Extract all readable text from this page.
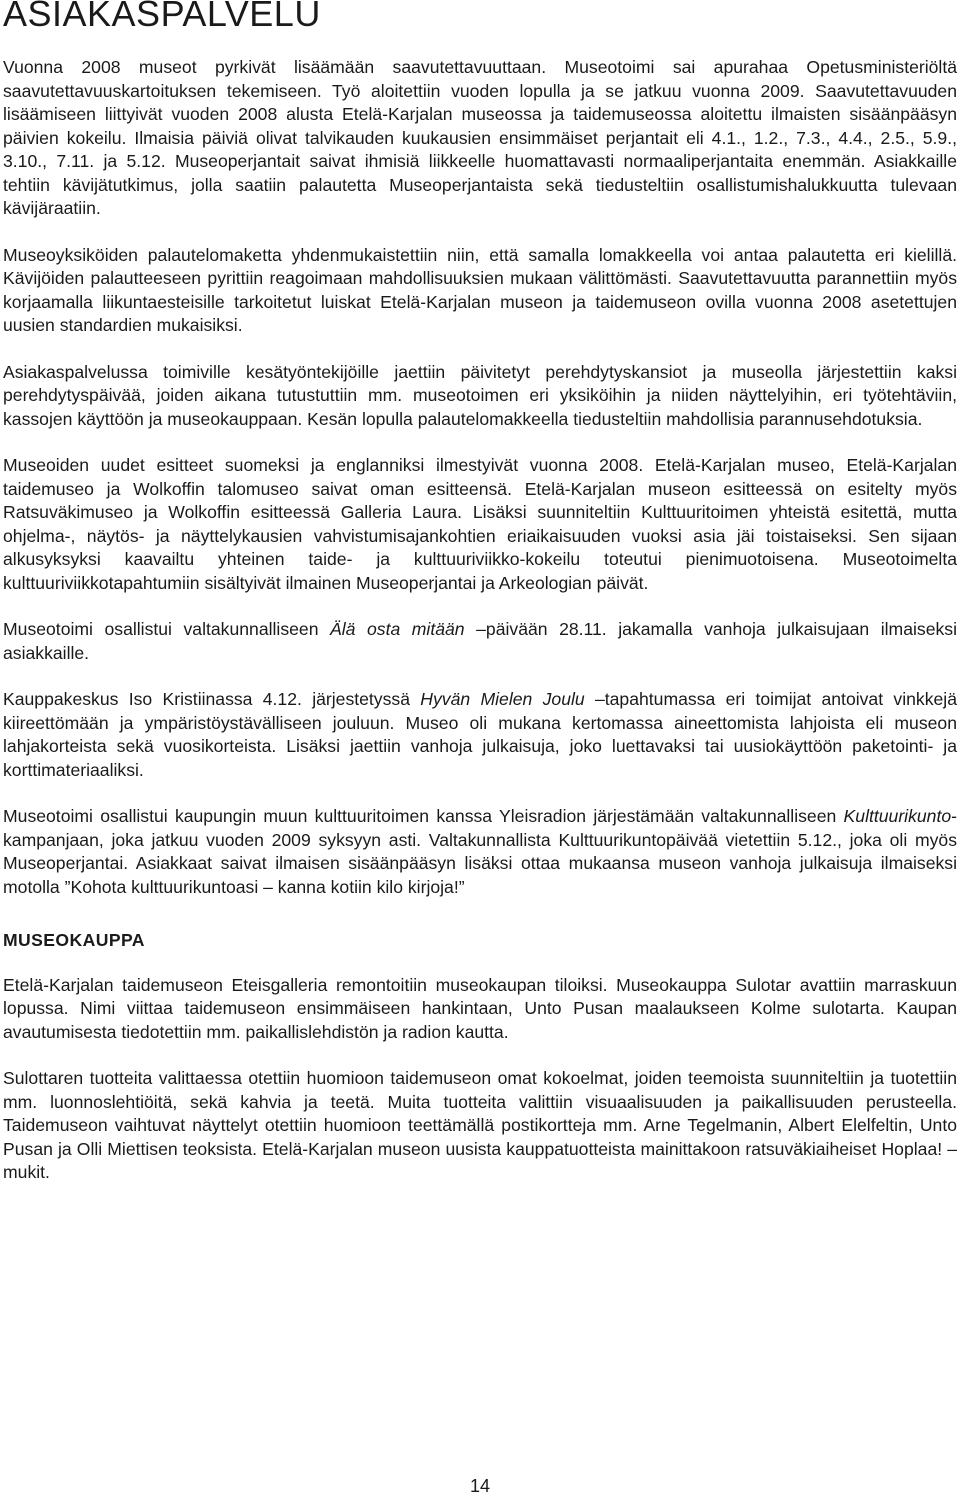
ASIAKASPALVELU

Vuonna 2008 museot pyrkivät lisäämään saavutettavuuttaan. Museotoimi sai apurahaa Opetusministeriöltä saavutettavuuskartoituksen tekemiseen. Työ aloitettiin vuoden lopulla ja se jatkuu vuonna 2009. Saavutettavuuden lisäämiseen liittyivät vuoden 2008 alusta Etelä-Karjalan museossa ja taidemuseossa aloitettu ilmaisten sisäänpääsyn päivien kokeilu. Ilmaisia päiviä olivat talvikauden kuukausien ensimmäiset perjantait eli 4.1., 1.2., 7.3., 4.4., 2.5., 5.9., 3.10., 7.11. ja 5.12. Museoperjantait saivat ihmisiä liikkeelle huomattavasti normaaliperjantaita enemmän. Asiakkaille tehtiin kävijätutkimus, jolla saatiin palautetta Museoperjantaista sekä tiedusteltiin osallistumishalukkuutta tulevaan kävijäraatiin.

Museoyksiköiden palautelomaketta yhdenmukaistettiin niin, että samalla lomakkeella voi antaa palautetta eri kielillä. Kävijöiden palautteeseen pyrittiin reagoimaan mahdollisuuksien mukaan välittömästi. Saavutettavuutta parannettiin myös korjaamalla liikuntaesteisille tarkoitetut luiskat Etelä-Karjalan museon ja taidemuseon ovilla vuonna 2008 asetettujen uusien standardien mukaisiksi.

Asiakaspalvelussa toimiville kesätyöntekijöille jaettiin päivitetyt perehdytyskansiot ja museolla järjestettiin kaksi perehdytyspäivää, joiden aikana tutustuttiin mm. museotoimen eri yksiköihin ja niiden näyttelyihin, eri työtehtäviin, kassojen käyttöön ja museokauppaan. Kesän lopulla palautelomakkeella tiedusteltiin mahdollisia parannusehdotuksia.

Museoiden uudet esitteet suomeksi ja englanniksi ilmestyivät vuonna 2008. Etelä-Karjalan museo, Etelä-Karjalan taidemuseo ja Wolkoffin talomuseo saivat oman esitteensä. Etelä-Karjalan museon esitteessä on esitelty myös Ratsuväkimuseo ja Wolkoffin esitteessä Galleria Laura. Lisäksi suunniteltiin Kulttuuritoimen yhteistä esitettä, mutta ohjelma-, näytös- ja näyttelykausien vahvistumisajankohtien eriaikaisuuden vuoksi asia jäi toistaiseksi. Sen sijaan alkusyksyksi kaavailtu yhteinen taide- ja kulttuuriviikko-kokeilu toteutui pienimuotoisena. Museotoimelta kulttuuriviikkotapahtumiin sisältyivät ilmainen Museoperjantai ja Arkeologian päivät.

Museotoimi osallistui valtakunnalliseen Älä osta mitään –päivään 28.11. jakamalla vanhoja julkaisujaan ilmaiseksi asiakkaille.

Kauppakeskus Iso Kristiinassa 4.12. järjestetyssä Hyvän Mielen Joulu –tapahtumassa eri toimijat antoivat vinkkejä kiireettömään ja ympäristöystävälliseen jouluun. Museo oli mukana kertomassa aineettomista lahjoista eli museon lahjakorteista sekä vuosikorteista. Lisäksi jaettiin vanhoja julkaisuja, joko luettavaksi tai uusiokäyttöön paketointi- ja korttimateriaaliksi.

Museotoimi osallistui kaupungin muun kulttuuritoimen kanssa Yleisradion järjestämään valtakunnalliseen Kulttuurikunto-kampanjaan, joka jatkuu vuoden 2009 syksyyn asti. Valtakunnallista Kulttuurikuntopäivää vietettiin 5.12., joka oli myös Museoperjantai. Asiakkaat saivat ilmaisen sisäänpääsyn lisäksi ottaa mukaansa museon vanhoja julkaisuja ilmaiseksi motolla ”Kohota kulttuurikuntoasi – kanna kotiin kilo kirjoja!”

MUSEOKAUPPA

Etelä-Karjalan taidemuseon Eteisgalleria remontoitiin museokaupan tiloiksi. Museokauppa Sulotar avattiin marraskuun lopussa. Nimi viittaa taidemuseon ensimmäiseen hankintaan, Unto Pusan maalaukseen Kolme sulotarta. Kaupan avautumisesta tiedotettiin mm. paikallislehdistön ja radion kautta.

Sulottaren tuotteita valittaessa otettiin huomioon taidemuseon omat kokoelmat, joiden teemoista suunniteltiin ja tuotettiin mm. luonnoslehtiöitä, sekä kahvia ja teetä. Muita tuotteita valittiin visuaalisuuden ja paikallisuuden perusteella. Taidemuseon vaihtuvat näyttelyt otettiin huomioon teettämällä postikortteja mm. Arne Tegelmanin, Albert Elelfeltin, Unto Pusan ja Olli Miettisen teoksista. Etelä-Karjalan museon uusista kauppatuotteista mainittakoon ratsuväkiaiheiset Hoplaa! –mukit.

14
